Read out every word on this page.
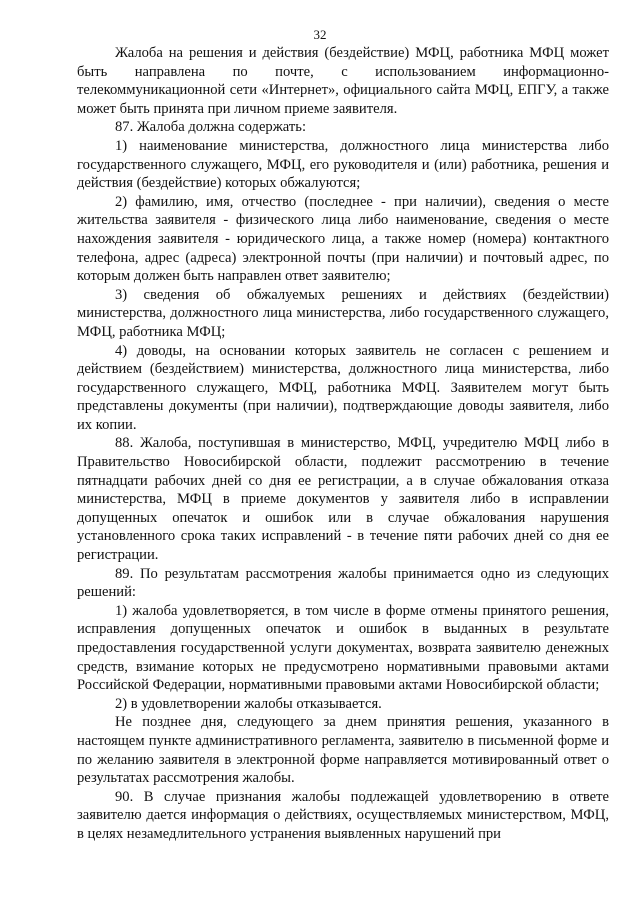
32

Жалоба на решения и действия (бездействие) МФЦ, работника МФЦ может быть направлена по почте, с использованием информационно-телекоммуникационной сети «Интернет», официального сайта МФЦ, ЕПГУ, а также может быть принята при личном приеме заявителя.

87. Жалоба должна содержать:

1) наименование министерства, должностного лица министерства либо государственного служащего, МФЦ, его руководителя и (или) работника, решения и действия (бездействие) которых обжалуются;

2) фамилию, имя, отчество (последнее - при наличии), сведения о месте жительства заявителя - физического лица либо наименование, сведения о месте нахождения заявителя - юридического лица, а также номер (номера) контактного телефона, адрес (адреса) электронной почты (при наличии) и почтовый адрес, по которым должен быть направлен ответ заявителю;

3) сведения об обжалуемых решениях и действиях (бездействии) министерства, должностного лица министерства, либо государственного служащего, МФЦ, работника МФЦ;

4) доводы, на основании которых заявитель не согласен с решением и действием (бездействием) министерства, должностного лица министерства, либо государственного служащего, МФЦ, работника МФЦ. Заявителем могут быть представлены документы (при наличии), подтверждающие доводы заявителя, либо их копии.

88. Жалоба, поступившая в министерство, МФЦ, учредителю МФЦ либо в Правительство Новосибирской области, подлежит рассмотрению в течение пятнадцати рабочих дней со дня ее регистрации, а в случае обжалования отказа министерства, МФЦ в приеме документов у заявителя либо в исправлении допущенных опечаток и ошибок или в случае обжалования нарушения установленного срока таких исправлений - в течение пяти рабочих дней со дня ее регистрации.

89. По результатам рассмотрения жалобы принимается одно из следующих решений:

1) жалоба удовлетворяется, в том числе в форме отмены принятого решения, исправления допущенных опечаток и ошибок в выданных в результате предоставления государственной услуги документах, возврата заявителю денежных средств, взимание которых не предусмотрено нормативными правовыми актами Российской Федерации, нормативными правовыми актами Новосибирской области;

2) в удовлетворении жалобы отказывается.

Не позднее дня, следующего за днем принятия решения, указанного в настоящем пункте административного регламента, заявителю в письменной форме и по желанию заявителя в электронной форме направляется мотивированный ответ о результатах рассмотрения жалобы.

90. В случае признания жалобы подлежащей удовлетворению в ответе заявителю дается информация о действиях, осуществляемых министерством, МФЦ, в целях незамедлительного устранения выявленных нарушений при
